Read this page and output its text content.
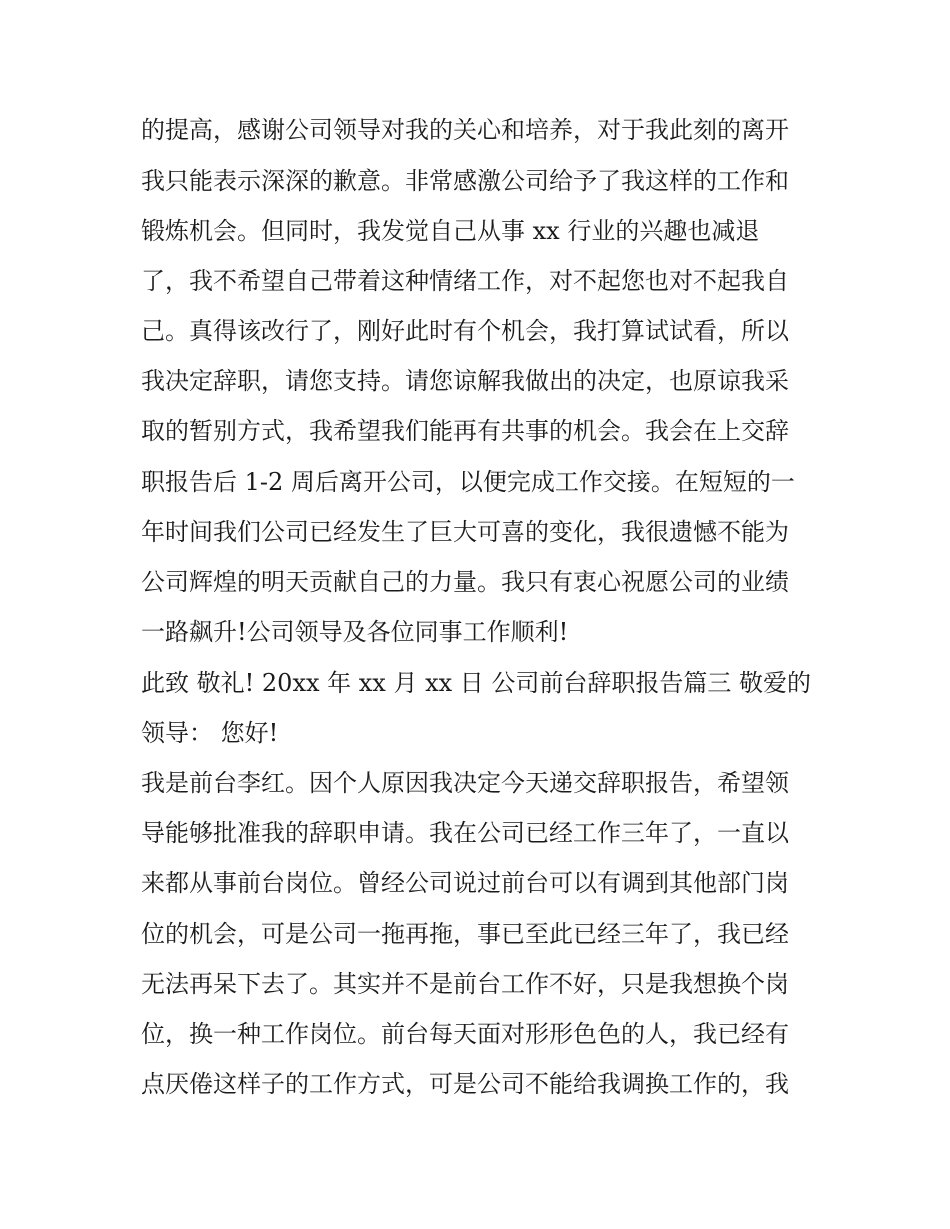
的提高，感谢公司领导对我的关心和培养，对于我此刻的离开
我只能表示深深的歉意。非常感激公司给予了我这样的工作和
锻炼机会。但同时，我发觉自己从事 xx 行业的兴趣也减退
了，我不希望自己带着这种情绪工作，对不起您也对不起我自
己。真得该改行了，刚好此时有个机会，我打算试试看，所以
我决定辞职，请您支持。请您谅解我做出的决定，也原谅我采
取的暂别方式，我希望我们能再有共事的机会。我会在上交辞
职报告后 1-2 周后离开公司，以便完成工作交接。在短短的一
年时间我们公司已经发生了巨大可喜的变化，我很遗憾不能为
公司辉煌的明天贡献自己的力量。我只有衷心祝愿公司的业绩
一路飙升!公司领导及各位同事工作顺利!
此致 敬礼! 20xx 年 xx 月 xx 日 公司前台辞职报告篇三 敬爱的
领导： 您好!
我是前台李红。因个人原因我决定今天递交辞职报告，希望领
导能够批准我的辞职申请。我在公司已经工作三年了，一直以
来都从事前台岗位。曾经公司说过前台可以有调到其他部门岗
位的机会，可是公司一拖再拖，事已至此已经三年了，我已经
无法再呆下去了。其实并不是前台工作不好，只是我想换个岗
位，换一种工作岗位。前台每天面对形形色色的人，我已经有
点厌倦这样子的工作方式，可是公司不能给我调换工作的，我
